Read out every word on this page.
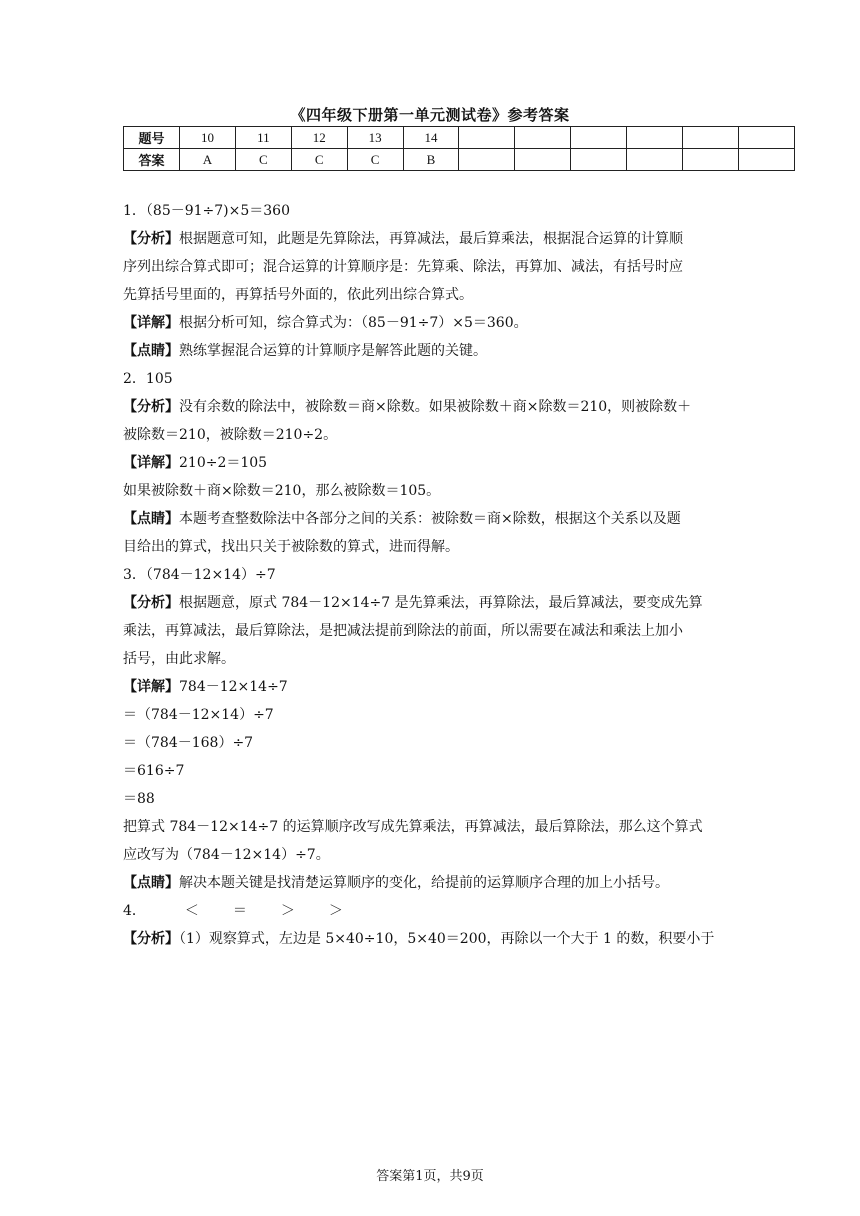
《四年级下册第一单元测试卷》参考答案
题号	10	11	12	13	14						
答案	A	C	C	C	B						
1．（85－91÷7)×5＝360
【分析】根据题意可知，此题是先算除法，再算减法，最后算乘法，根据混合运算的计算顺
序列出综合算式即可；混合运算的计算顺序是：先算乘、除法，再算加、减法，有括号时应
先算括号里面的，再算括号外面的，依此列出综合算式。
【详解】根据分析可知，综合算式为：（85－91÷7）×5＝360。
【点睛】熟练掌握混合运算的计算顺序是解答此题的关键。
2．105
【分析】没有余数的除法中，被除数＝商×除数。如果被除数＋商×除数＝210，则被除数＋
被除数＝210，被除数＝210÷2。
【详解】210÷2＝105
如果被除数＋商×除数＝210，那么被除数＝105。
【点睛】本题考查整数除法中各部分之间的关系：被除数＝商×除数，根据这个关系以及题
目给出的算式，找出只关于被除数的算式，进而得解。
3．（784－12×14）÷7
【分析】根据题意，原式 784－12×14÷7 是先算乘法，再算除法，最后算减法，要变成先算
乘法，再算减法，最后算除法，是把减法提前到除法的前面，所以需要在减法和乘法上加小
括号，由此求解。
【详解】784－12×14÷7
＝（784－12×14）÷7
＝（784－168）÷7
＝616÷7
＝88
把算式 784－12×14÷7 的运算顺序改写成先算乘法，再算减法，最后算除法，那么这个算式
应改写为（784－12×14）÷7。
【点睛】解决本题关键是找清楚运算顺序的变化，给提前的运算顺序合理的加上小括号。
4．	＜ ＝ ＞ ＞
【分析】（1）观察算式，左边是 5×40÷10，5×40＝200，再除以一个大于 1 的数，积要小于
答案第1页，共9页
